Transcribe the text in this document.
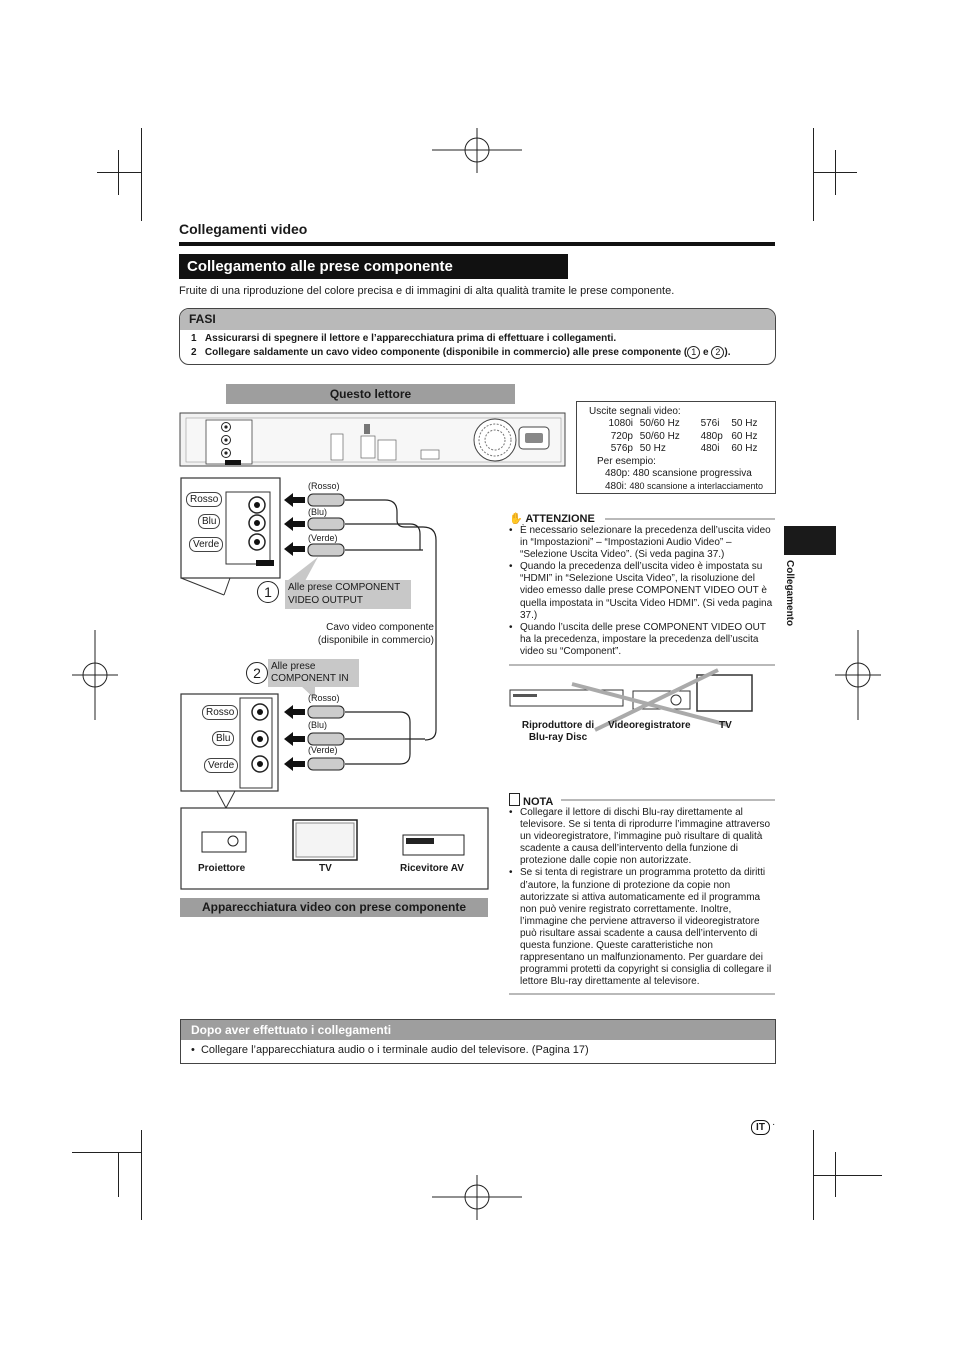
Collegamenti video
Collegamento alle prese componente
Fruite di una riproduzione del colore precisa e di immagini di alta qualità tramite le prese componente.
FASI
1 Assicurarsi di spegnere il lettore e l’apparecchiatura prima di effettuare i collegamenti.
2 Collegare saldamente un cavo video componente (disponibile in commercio) alle prese componente ( 1 e 2 ).
Questo lettore
Uscite segnali video:
1080i 50/60 Hz 576i 50 Hz
720p 50/60 Hz 480p 60 Hz
576p 50 Hz	480i 60 Hz
Per esempio:
480p: 480 scansione progressiva
480i: 480 scansione a interlacciamento
Collegamento
Rosso
Blu
Verde
Rosso
Blu
Verde
(Rosso)
(Blu)
(Verde)
(Rosso)
(Blu)
(Verde)
1
2
Alle prese COMPONENT VIDEO OUTPUT
Alle prese COMPONENT IN
Cavo video componente (disponibile in commercio)
Proiettore	TV	Ricevitore AV
Apparecchiatura video con prese componente
✋ ATTENZIONE
• È necessario selezionare la precedenza dell’uscita video in “Impostazioni” – “Impostazioni Audio Video” – “Selezione Uscita Video”. (Si veda pagina 37.)
• Quando la precedenza dell’uscita video è impostata su “HDMI” in “Selezione Uscita Video”, la risoluzione del video emesso dalle prese COMPONENT VIDEO OUT è quella impostata in “Uscita Video HDMI”. (Si veda pagina 37.)
• Quando l’uscita delle prese COMPONENT VIDEO OUT ha la precedenza, impostare la precedenza dell’uscita video su “Component”.
Riproduttore di Blu-ray Disc
Videoregistratore	TV
NOTA
• Collegare il lettore di dischi Blu-ray direttamente al televisore. Se si tenta di riprodurre l’immagine attraverso un videoregistratore, l’immagine può risultare di qualità scadente a causa dell’intervento della funzione di protezione dalle copie non autorizzate.
• Se si tenta di registrare un programma protetto da diritti d’autore, la funzione di protezione da copie non autorizzate si attiva automaticamente ed il programma non può venire registrato correttamente. Inoltre, l’immagine che perviene attraverso il videoregistratore può risultare assai scadente a causa dell’intervento di questa funzione. Queste caratteristiche non rappresentano un malfunzionamento. Per guardare dei programmi protetti da copyright si consiglia di collegare il lettore Blu-ray direttamente al televisore.
Dopo aver effettuato i collegamenti
•  Collegare l’apparecchiatura audio o i terminale audio del televisore. (Pagina 17)
IT ·
